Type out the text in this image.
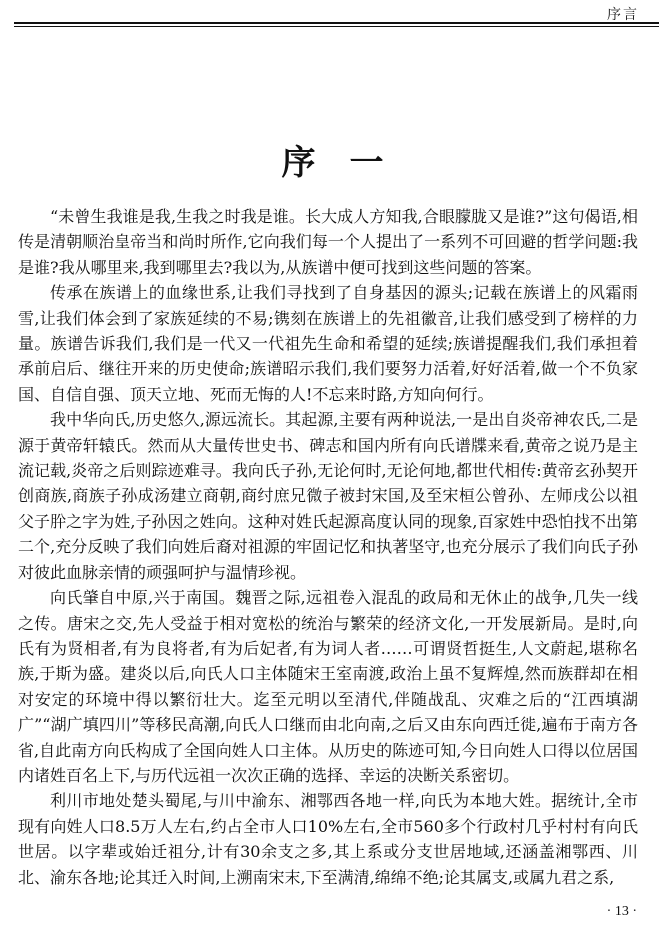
序言
序一

“未曾生我谁是我,生我之时我是谁。长大成人方知我,合眼朦胧又是谁?”这句偈语,相传是清朝顺治皇帝当和尚时所作,它向我们每一个人提出了一系列不可回避的哲学问题:我是谁?我从哪里来,我到哪里去?我以为,从族谱中便可找到这些问题的答案。

传承在族谱上的血缘世系,让我们寻找到了自身基因的源头;记载在族谱上的风霜雨雪,让我们体会到了家族延续的不易;镌刻在族谱上的先祖徽音,让我们感受到了榜样的力量。族谱告诉我们,我们是一代又一代祖先生命和希望的延续;族谱提醒我们,我们承担着承前启后、继往开来的历史使命;族谱昭示我们,我们要努力活着,好好活着,做一个不负家国、自信自强、顶天立地、死而无悔的人!不忘来时路,方知向何行。

我中华向氏,历史悠久,源远流长。其起源,主要有两种说法,一是出自炎帝神农氏,二是源于黄帝轩辕氏。然而从大量传世史书、碑志和国内所有向氏谱牒来看,黄帝之说乃是主流记载,炎帝之后则踪迹难寻。我向氏子孙,无论何时,无论何地,都世代相传:黄帝玄孙契开创商族,商族子孙成汤建立商朝,商纣庶兄微子被封宋国,及至宋桓公曾孙、左师戌公以祖父子肸之字为姓,子孙因之姓向。这种对姓氏起源高度认同的现象,百家姓中恐怕找不出第二个,充分反映了我们向姓后裔对祖源的牢固记忆和执著坚守,也充分展示了我们向氏子孙对彼此血脉亲情的顽强呵护与温情珍视。

向氏肇自中原,兴于南国。魏晋之际,远祖卷入混乱的政局和无休止的战争,几失一线之传。唐宋之交,先人受益于相对宽松的统治与繁荣的经济文化,一开发展新局。是时,向氏有为贤相者,有为良将者,有为后妃者,有为词人者……可谓贤哲挺生,人文蔚起,堪称名族,于斯为盛。建炎以后,向氏人口主体随宋王室南渡,政治上虽不复辉煌,然而族群却在相对安定的环境中得以繁衍壮大。迄至元明以至清代,伴随战乱、灾难之后的“江西填湖广”“湖广填四川”等移民高潮,向氏人口继而由北向南,之后又由东向西迁徙,遍布于南方各省,自此南方向氏构成了全国向姓人口主体。从历史的陈迹可知,今日向姓人口得以位居国内诸姓百名上下,与历代远祖一次次正确的选择、幸运的决断关系密切。

利川市地处楚头蜀尾,与川中渝东、湘鄂西各地一样,向氏为本地大姓。据统计,全市现有向姓人口8.5万人左右,约占全市人口10%左右,全市560多个行政村几乎村村有向氏世居。以字辈或始迁祖分,计有30余支之多,其上系或分支世居地域,还涵盖湘鄂西、川北、渝东各地;论其迁入时间,上溯南宋末,下至满清,绵绵不绝;论其属支,或属九君之系,

· 13 ·
